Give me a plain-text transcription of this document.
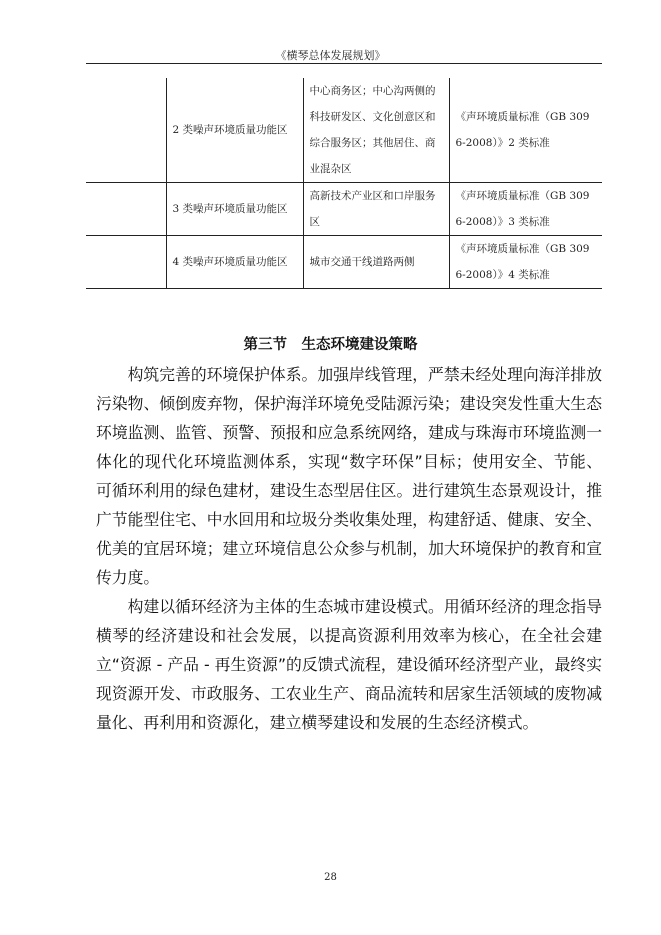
《横琴总体发展规划》
	2 类噪声环境质量功能区	中心商务区；中心沟两侧的科技研发区、文化创意区和综合服务区；其他居住、商业混杂区	《声环境质量标准（GB 3096-2008）》2 类标准
	3 类噪声环境质量功能区	高新技术产业区和口岸服务区	《声环境质量标准（GB 3096-2008）》3 类标准
	4 类噪声环境质量功能区	城市交通干线道路两侧	《声环境质量标准（GB 3096-2008）》4 类标准
第三节　生态环境建设策略

构筑完善的环境保护体系。加强岸线管理，严禁未经处理向海洋排放污染物、倾倒废弃物，保护海洋环境免受陆源污染；建设突发性重大生态环境监测、监管、预警、预报和应急系统网络，建成与珠海市环境监测一体化的现代化环境监测体系，实现“数字环保”目标；使用安全、节能、可循环利用的绿色建材，建设生态型居住区。进行建筑生态景观设计，推广节能型住宅、中水回用和垃圾分类收集处理，构建舒适、健康、安全、优美的宜居环境；建立环境信息公众参与机制，加大环境保护的教育和宣传力度。

构建以循环经济为主体的生态城市建设模式。用循环经济的理念指导横琴的经济建设和社会发展，以提高资源利用效率为核心，在全社会建立“资源 - 产品 - 再生资源”的反馈式流程，建设循环经济型产业，最终实现资源开发、市政服务、工农业生产、商品流转和居家生活领域的废物减量化、再利用和资源化，建立横琴建设和发展的生态经济模式。

28
